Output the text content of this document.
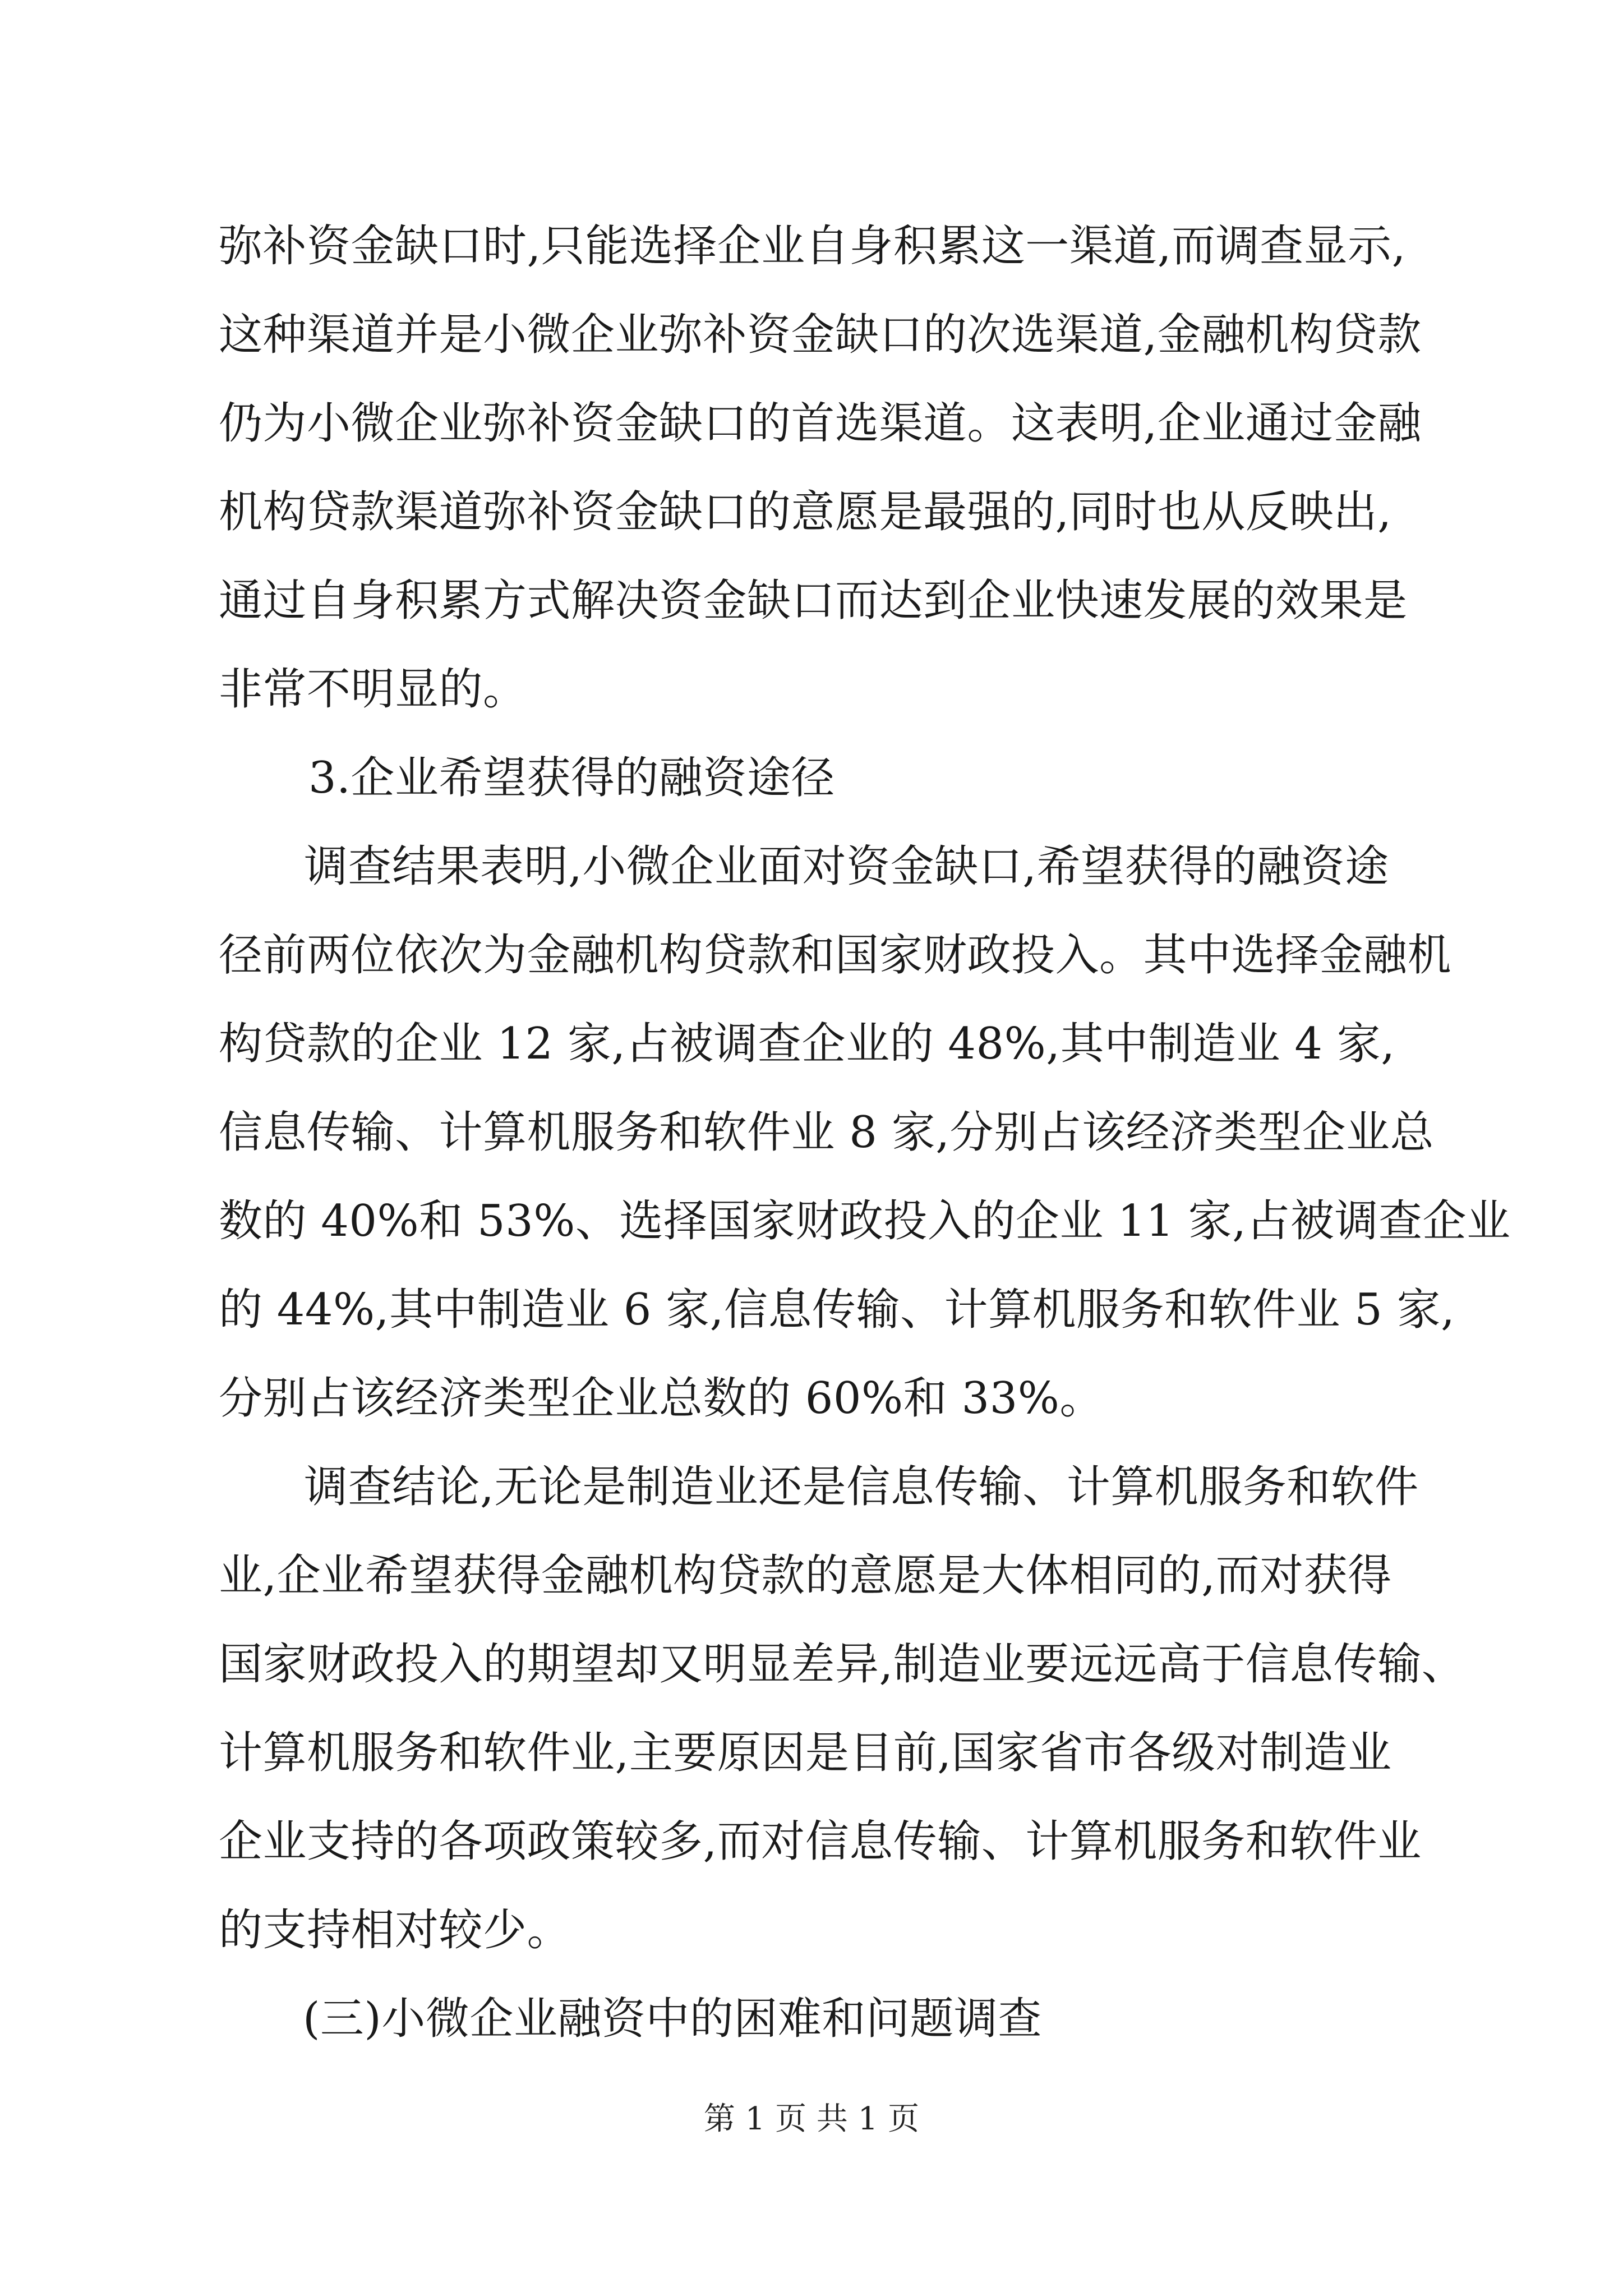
弥补资金缺口时,只能选择企业自身积累这一渠道,而调查显示,
这种渠道并是小微企业弥补资金缺口的次选渠道,金融机构贷款
仍为小微企业弥补资金缺口的首选渠道。这表明,企业通过金融
机构贷款渠道弥补资金缺口的意愿是最强的,同时也从反映出,
通过自身积累方式解决资金缺口而达到企业快速发展的效果是
非常不明显的。
3.企业希望获得的融资途径
调查结果表明,小微企业面对资金缺口,希望获得的融资途
径前两位依次为金融机构贷款和国家财政投入。其中选择金融机
构贷款的企业 12 家,占被调查企业的 48%,其中制造业 4 家,
信息传输、计算机服务和软件业 8 家,分别占该经济类型企业总
数的 40%和 53%、选择国家财政投入的企业 11 家,占被调查企业
的 44%,其中制造业 6 家,信息传输、计算机服务和软件业 5 家,
分别占该经济类型企业总数的 60%和 33%。
调查结论,无论是制造业还是信息传输、计算机服务和软件
业,企业希望获得金融机构贷款的意愿是大体相同的,而对获得
国家财政投入的期望却又明显差异,制造业要远远高于信息传输、
计算机服务和软件业,主要原因是目前,国家省市各级对制造业
企业支持的各项政策较多,而对信息传输、计算机服务和软件业
的支持相对较少。
(三)小微企业融资中的困难和问题调查
第 1 页 共 1 页
